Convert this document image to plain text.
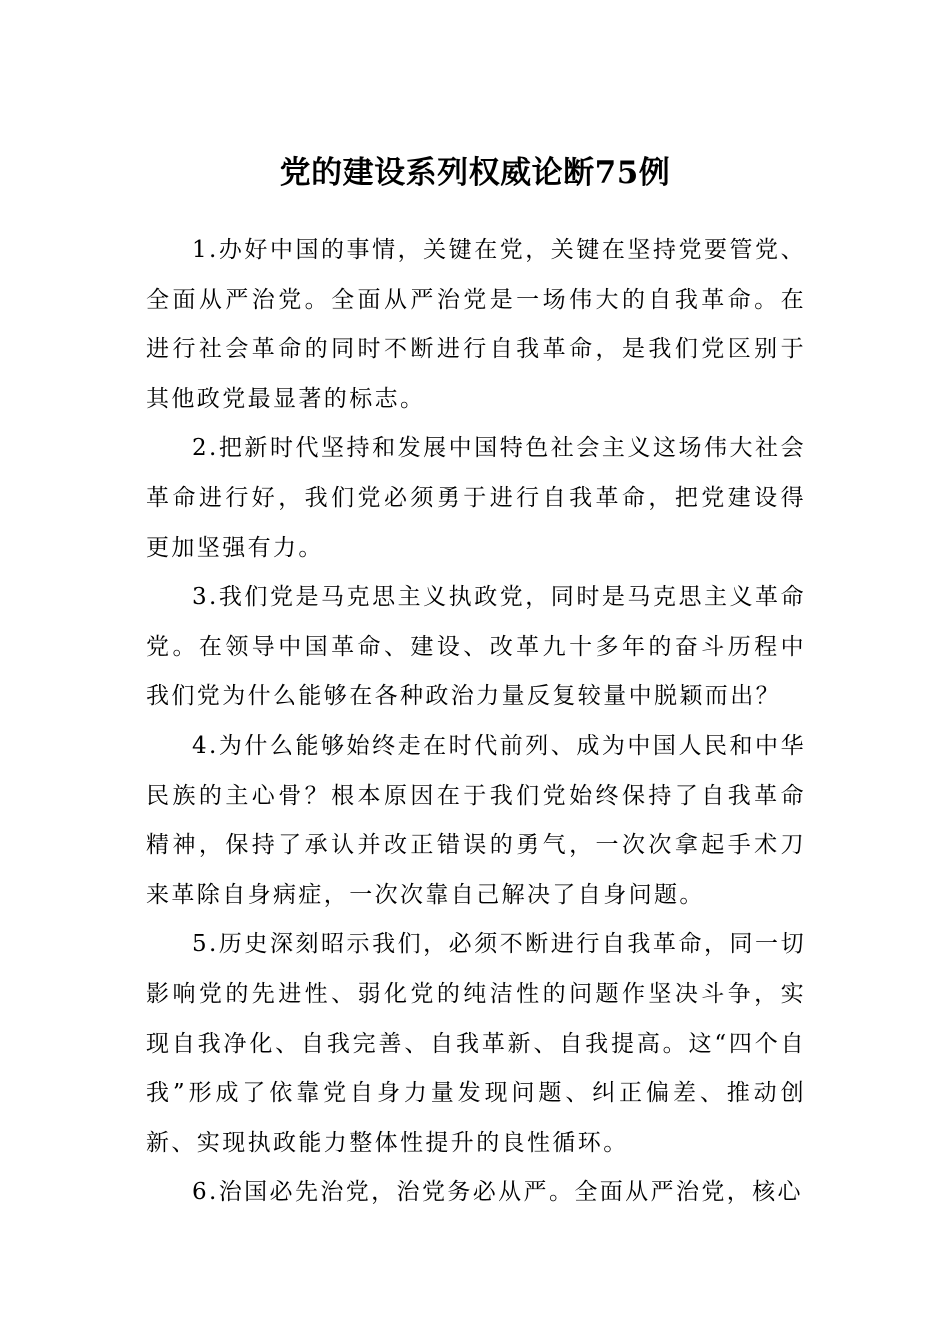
党的建设系列权威论断75例

1.办好中国的事情，关键在党，关键在坚持党要管党、全面从严治党。全面从严治党是一场伟大的自我革命。在进行社会革命的同时不断进行自我革命，是我们党区别于其他政党最显著的标志。

2.把新时代坚持和发展中国特色社会主义这场伟大社会革命进行好，我们党必须勇于进行自我革命，把党建设得更加坚强有力。

3.我们党是马克思主义执政党，同时是马克思主义革命党。在领导中国革命、建设、改革九十多年的奋斗历程中我们党为什么能够在各种政治力量反复较量中脱颖而出？

4.为什么能够始终走在时代前列、成为中国人民和中华民族的主心骨？根本原因在于我们党始终保持了自我革命精神，保持了承认并改正错误的勇气，一次次拿起手术刀来革除自身病症，一次次靠自己解决了自身问题。

5.历史深刻昭示我们，必须不断进行自我革命，同一切影响党的先进性、弱化党的纯洁性的问题作坚决斗争，实现自我净化、自我完善、自我革新、自我提高。这“四个自我”形成了依靠党自身力量发现问题、纠正偏差、推动创新、实现执政能力整体性提升的良性循环。

6.治国必先治党，治党务必从严。全面从严治党，核心
